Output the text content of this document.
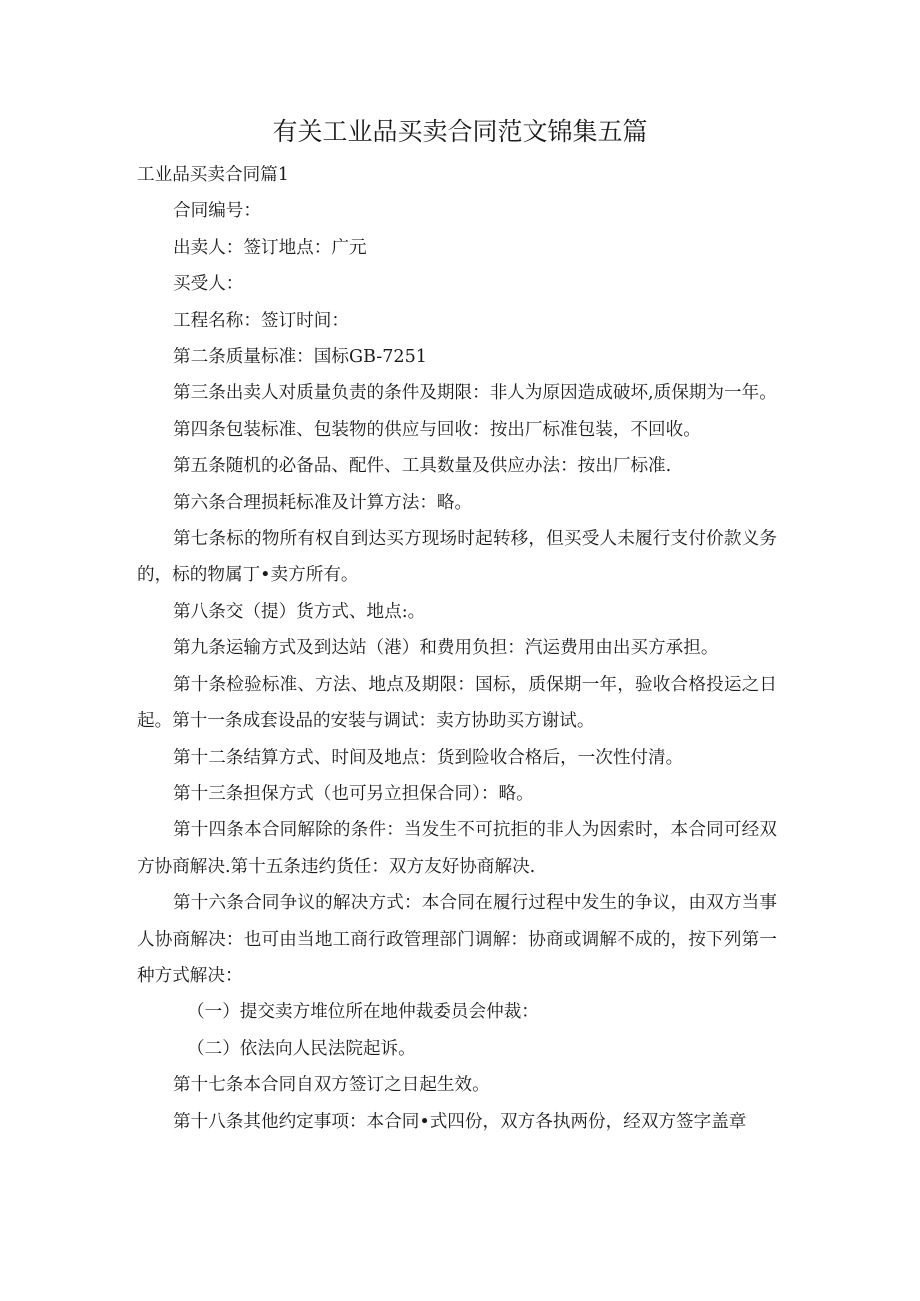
有关工业品买卖合同范文锦集五篇

工业品买卖合同篇1

合同编号：

出卖人：签订地点：广元

买受人：

工程名称：签订时间：

第二条质量标准：国标GB-7251

第三条出卖人对质量负责的条件及期限：非人为原因造成破坏,质保期为一年。

第四条包装标准、包装物的供应与回收：按出厂标准包装，不回收。

第五条随机的必备品、配件、工具数量及供应办法：按出厂标准.

第六条合理损耗标准及计算方法：略。

第七条标的物所有权自到达买方现场时起转移，但买受人未履行支付价款义务的，标的物属丁•卖方所有。

第八条交（提）货方式、地点:。

第九条运输方式及到达站（港）和费用负担：汽运费用由出买方承担。

第十条检验标准、方法、地点及期限：国标，质保期一年，验收合格投运之日起。第十一条成套设品的安装与调试：卖方协助买方谢试。

第十二条结算方式、时间及地点：货到险收合格后，一次性付清。

第十三条担保方式（也可另立担保合同）：略。

第十四条本合同解除的条件：当发生不可抗拒的非人为因索时，本合同可经双方协商解决.第十五条违约货任：双方友好协商解决.

第十六条合同争议的解决方式：本合同在履行过程中发生的争议，由双方当事人协商解决：也可由当地工商行政管理部门调解：协商或调解不成的，按下列第一种方式解决：

（一）提交卖方堆位所在地仲裁委员会仲裁：

（二）依法向人民法院起诉。

第十七条本合同自双方签订之日起生效。

第十八条其他约定事项：本合同•式四份，双方各执两份，经双方签字盖章
